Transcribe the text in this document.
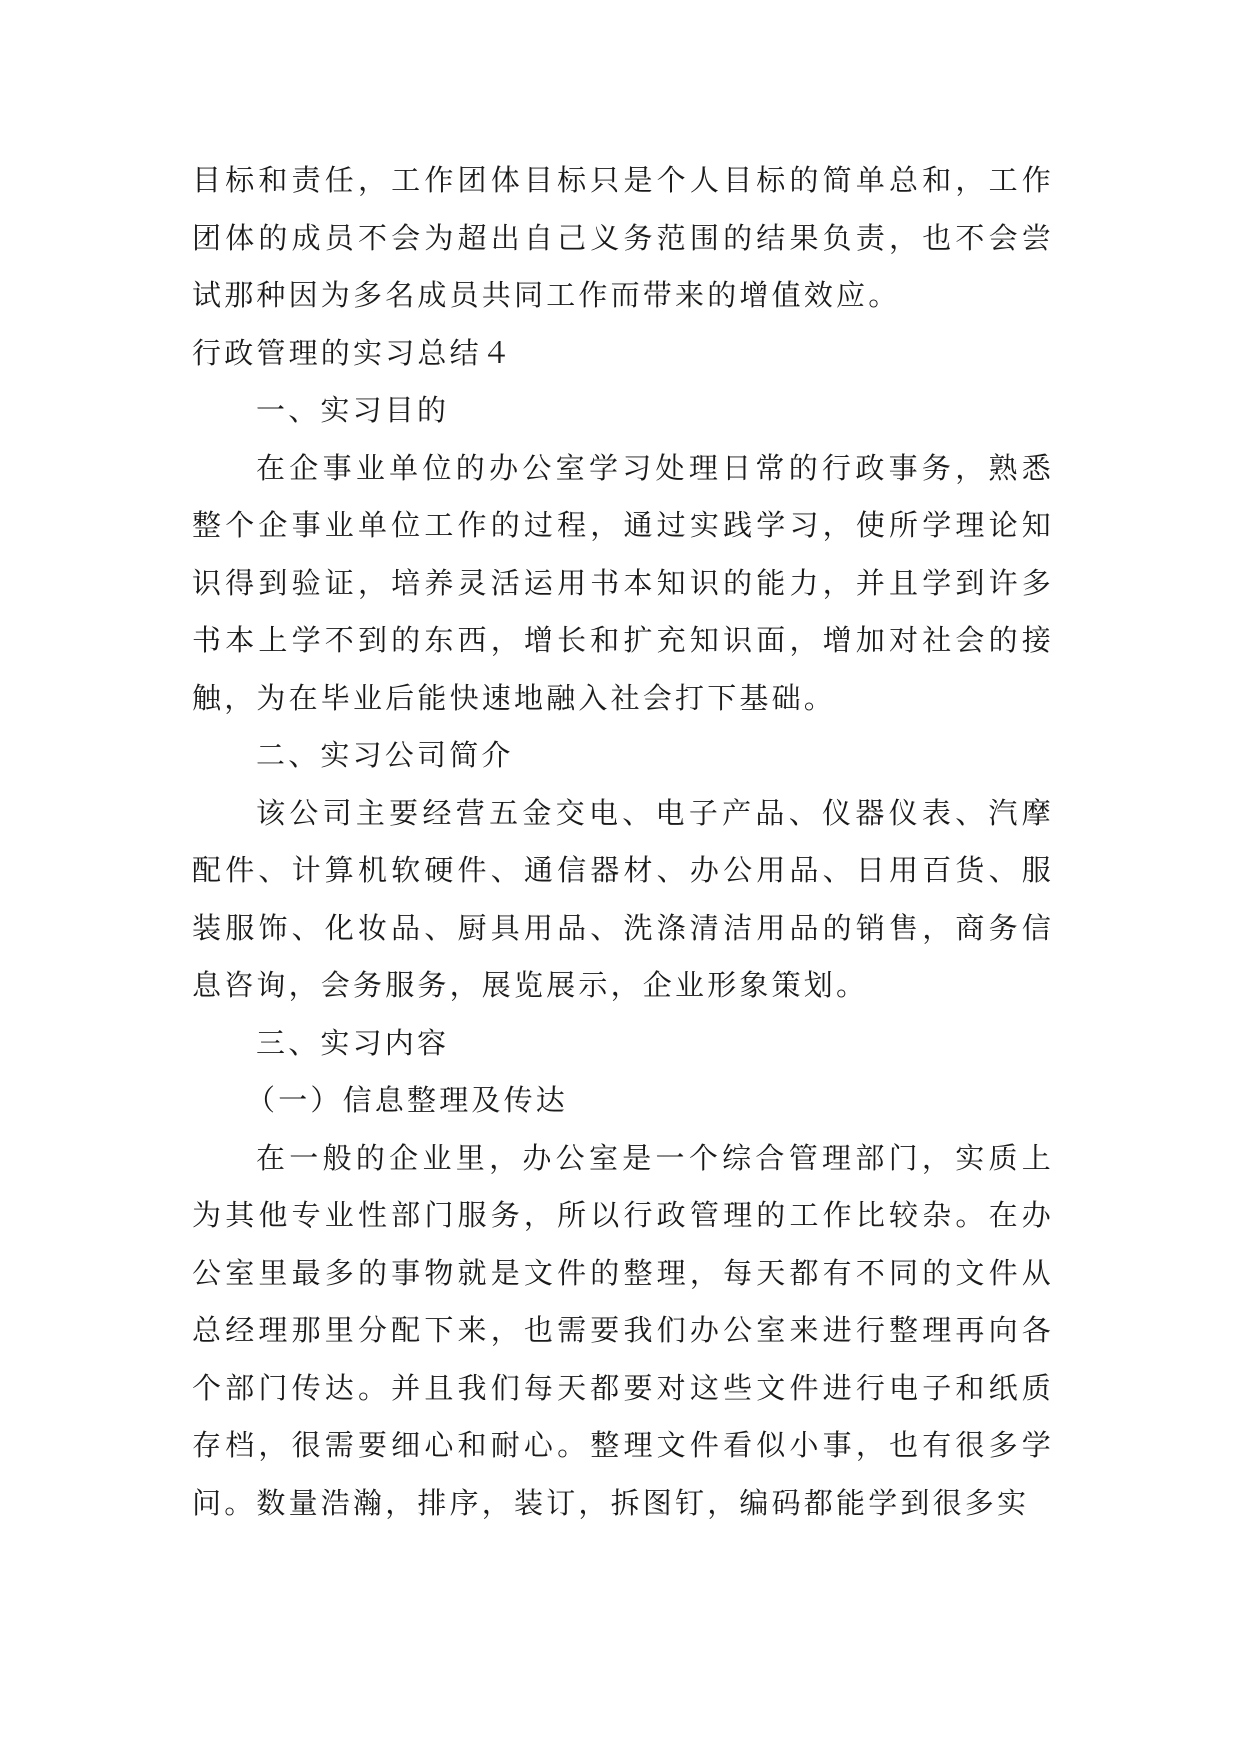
目标和责任，工作团体目标只是个人目标的简单总和，工作团体的成员不会为超出自己义务范围的结果负责，也不会尝试那种因为多名成员共同工作而带来的增值效应。

行政管理的实习总结４

一、实习目的

在企事业单位的办公室学习处理日常的行政事务，熟悉整个企事业单位工作的过程，通过实践学习，使所学理论知识得到验证，培养灵活运用书本知识的能力，并且学到许多书本上学不到的东西，增长和扩充知识面，增加对社会的接触，为在毕业后能快速地融入社会打下基础。

二、实习公司简介

该公司主要经营五金交电、电子产品、仪器仪表、汽摩配件、计算机软硬件、通信器材、办公用品、日用百货、服装服饰、化妆品、厨具用品、洗涤清洁用品的销售，商务信息咨询，会务服务，展览展示，企业形象策划。

三、实习内容

（一）信息整理及传达

在一般的企业里，办公室是一个综合管理部门，实质上为其他专业性部门服务，所以行政管理的工作比较杂。在办公室里最多的事物就是文件的整理，每天都有不同的文件从总经理那里分配下来，也需要我们办公室来进行整理再向各个部门传达。并且我们每天都要对这些文件进行电子和纸质存档，很需要细心和耐心。整理文件看似小事，也有很多学问。数量浩瀚，排序，装订，拆图钉，编码都能学到很多实
